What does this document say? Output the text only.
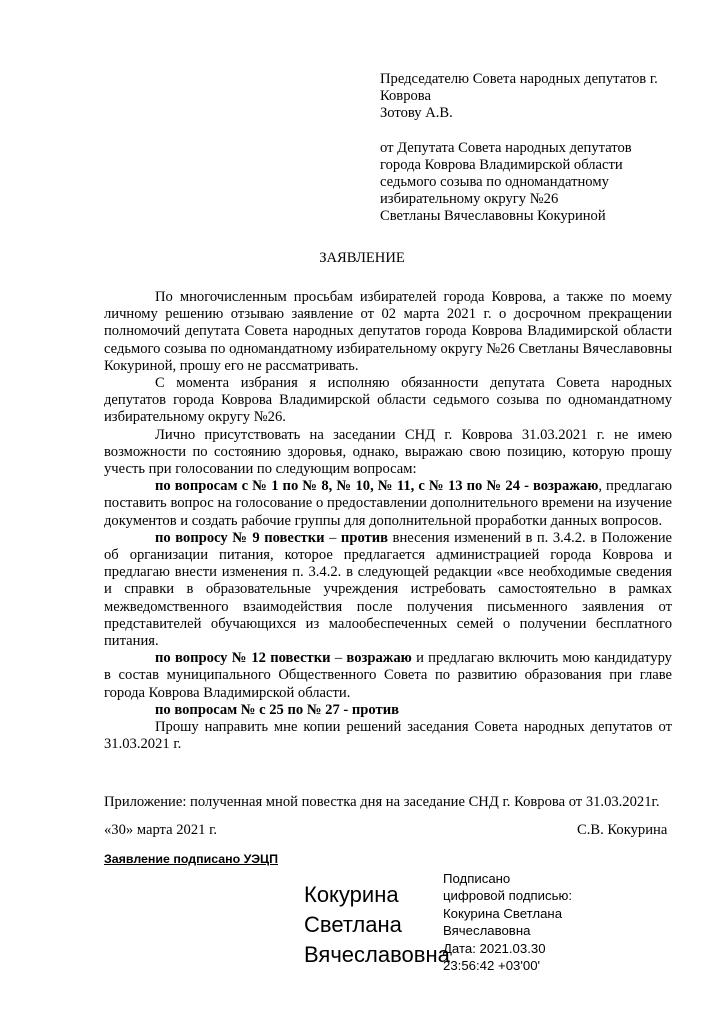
Председателю Совета народных депутатов г.
Коврова
Зотову А.В.
от Депутата Совета народных депутатов
города Коврова Владимирской области
седьмого созыва по одномандатному
избирательному округу №26
Светланы Вячеславовны Кокуриной
ЗАЯВЛЕНИЕ

По многочисленным просьбам избирателей города Коврова, а также по моему личному решению отзываю заявление от 02 марта 2021 г. о досрочном прекращении полномочий депутата Совета народных депутатов города Коврова Владимирской области седьмого созыва по одномандатному избирательному округу №26 Светланы Вячеславовны Кокуриной, прошу его не рассматривать.

С момента избрания я исполняю обязанности депутата Совета народных депутатов города Коврова Владимирской области седьмого созыва по одномандатному избирательному округу №26.

Лично присутствовать на заседании СНД г. Коврова 31.03.2021 г. не имею возможности по состоянию здоровья, однако, выражаю свою позицию, которую прошу учесть при голосовании по следующим вопросам:

по вопросам с № 1 по № 8, № 10, № 11, с № 13 по № 24 - возражаю, предлагаю поставить вопрос на голосование о предоставлении дополнительного времени на изучение документов и создать рабочие группы для дополнительной проработки данных вопросов.

по вопросу № 9 повестки – против внесения изменений в п. 3.4.2. в Положение об организации питания, которое предлагается администрацией города Коврова и предлагаю внести изменения п. 3.4.2. в следующей редакции «все необходимые сведения и справки в образовательные учреждения истребовать самостоятельно в рамках межведомственного взаимодействия после получения письменного заявления от представителей обучающихся из малообеспеченных семей о получении бесплатного питания.

по вопросу № 12 повестки – возражаю и предлагаю включить мою кандидатуру в состав муниципального Общественного Совета по развитию образования при главе города Коврова Владимирской области.

по вопросам № с 25 по № 27 - против

Прошу направить мне копии решений заседания Совета народных депутатов от 31.03.2021 г.

Приложение: полученная мной повестка дня на заседание СНД г. Коврова от 31.03.2021г.
«30» марта 2021 г.	С.В. Кокурина
Заявление подписано УЭЦП
Кокурина
Светлана
Вячеславовна
Подписано
цифровой подписью:
Кокурина Светлана
Вячеславовна
Дата: 2021.03.30
23:56:42 +03'00'
